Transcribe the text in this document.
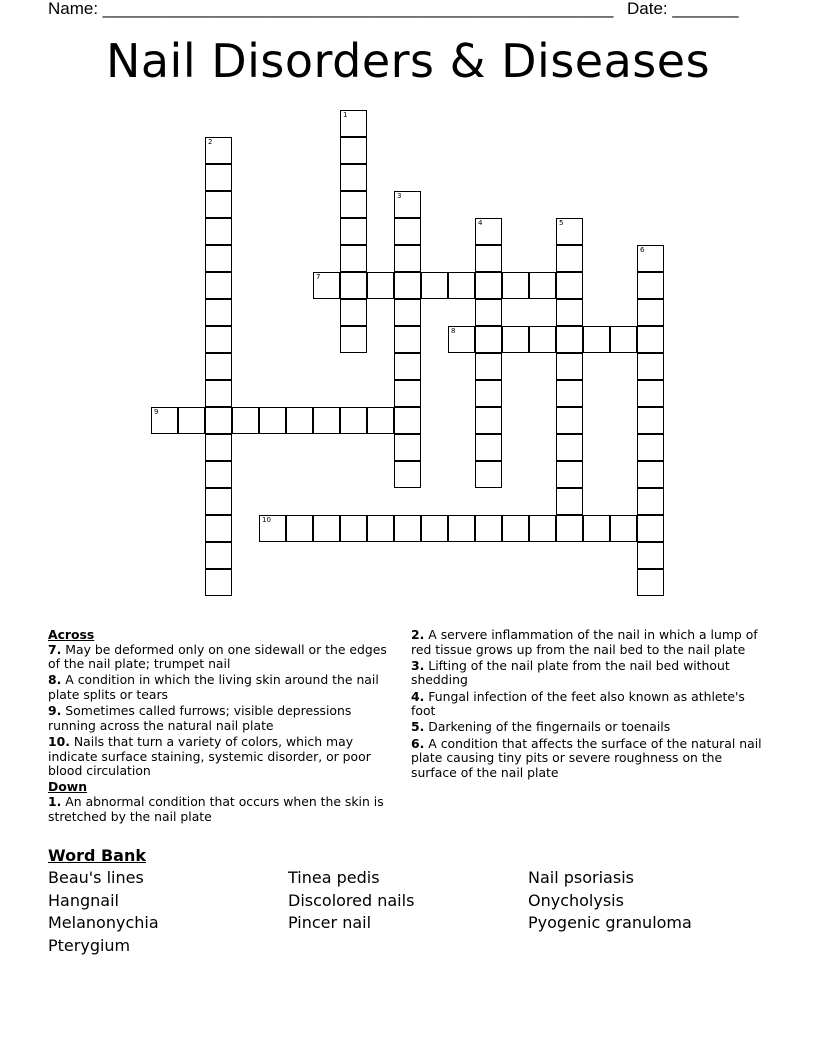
Name: ______________________________________________________ Date: _______
Nail Disorders & Diseases
1
2
3
4	5
6
7
8
9
10
Across
7. May be deformed only on one sidewall or the edges of the nail plate; trumpet nail
8. A condition in which the living skin around the nail plate splits or tears
9. Sometimes called furrows; visible depressions running across the natural nail plate
10. Nails that turn a variety of colors, which may indicate surface staining, systemic disorder, or poor blood circulation
Down
1. An abnormal condition that occurs when the skin is stretched by the nail plate
2. A servere inflammation of the nail in which a lump of red tissue grows up from the nail bed to the nail plate
3. Lifting of the nail plate from the nail bed without shedding
4. Fungal infection of the feet also known as athlete's foot
5. Darkening of the fingernails or toenails
6. A condition that affects the surface of the natural nail plate causing tiny pits or severe roughness on the surface of the nail plate
Word Bank
Beau's lines	Tinea pedis	Nail psoriasis
Hangnail	Discolored nails	Onycholysis
Melanonychia	Pincer nail	Pyogenic granuloma
Pterygium
